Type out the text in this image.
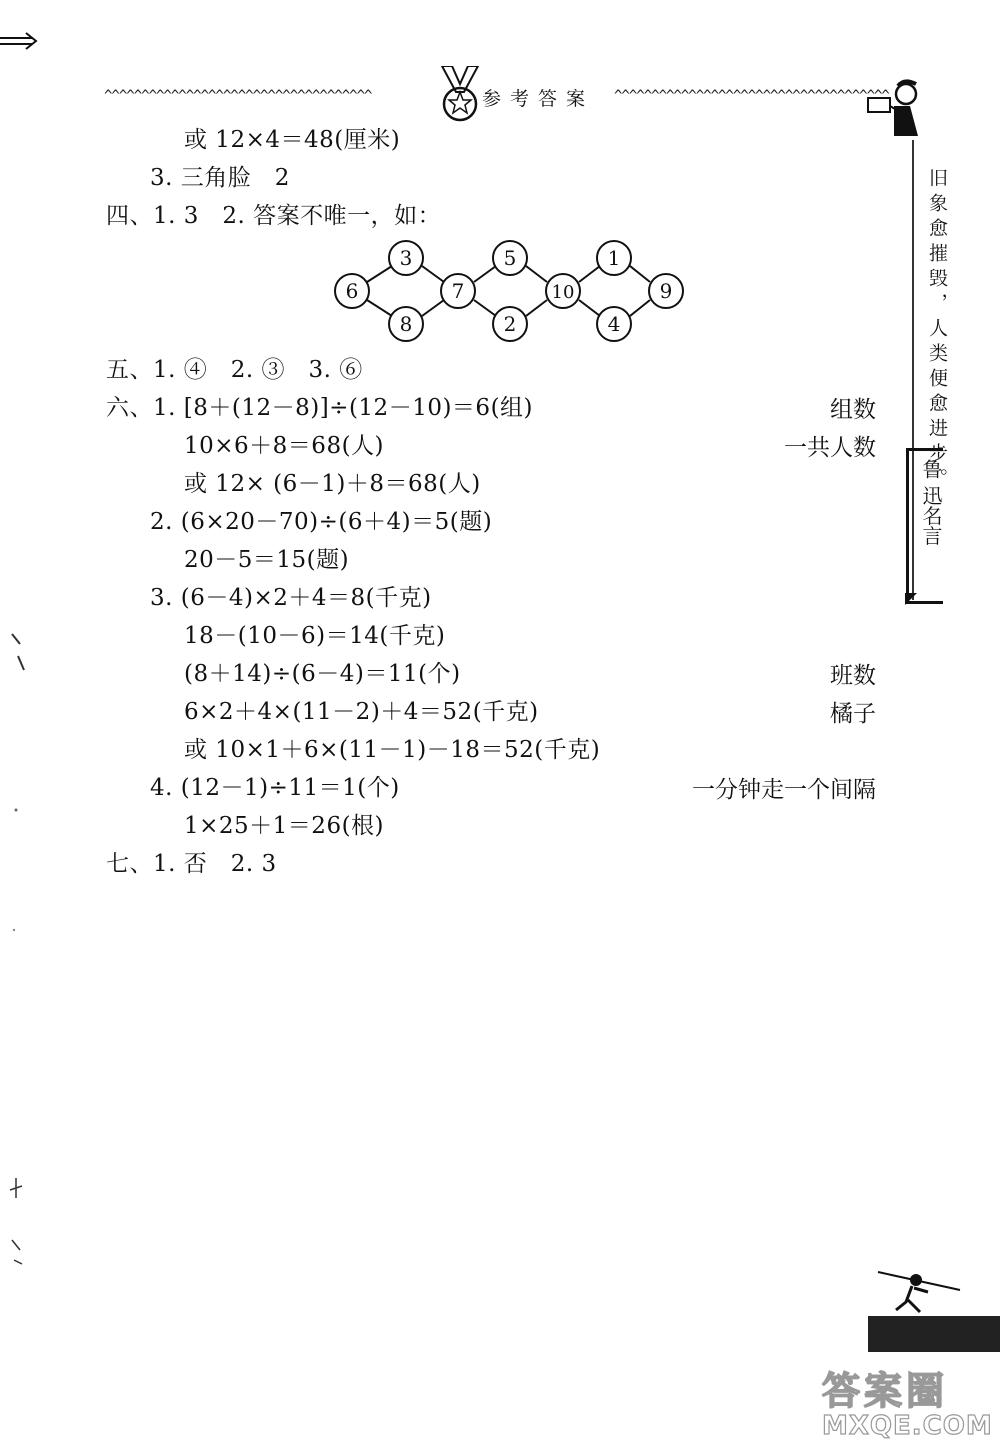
^^^^^^^^^^^^^^^^^^^^^^^^^^^^^^^^^^^^	参考答案 ^^^^^^^^^^^^^^^^^^^^^^^^^^^^^^^^^^^^^
旧象愈摧毁，人类便愈进步。
鲁 迅名言
或 12×4＝48(厘米)
3. 三角脸　2
四、1. 3　2. 答案不唯一，如：
6
3
8
7
5
2
10
1
4
9
五、1. ④　2. ③　3. ⑥
六、1. [8＋(12－8)]÷(12－10)＝6(组)	组数
10×6＋8＝68(人)	一共人数
或 12× (6－1)＋8＝68(人)
2. (6×20－70)÷(6＋4)＝5(题)
20－5＝15(题)
3. (6－4)×2＋4＝8(千克)
18－(10－6)＝14(千克)
(8＋14)÷(6－4)＝11(个)	班数
6×2＋4×(11－2)＋4＝52(千克)	橘子
或 10×1＋6×(11－1)－18＝52(千克)
4. (12－1)÷11＝1(个)	一分钟走一个间隔
1×25＋1＝26(根)
七、1. 否　2. 3
答案圈
MXQE.COM
